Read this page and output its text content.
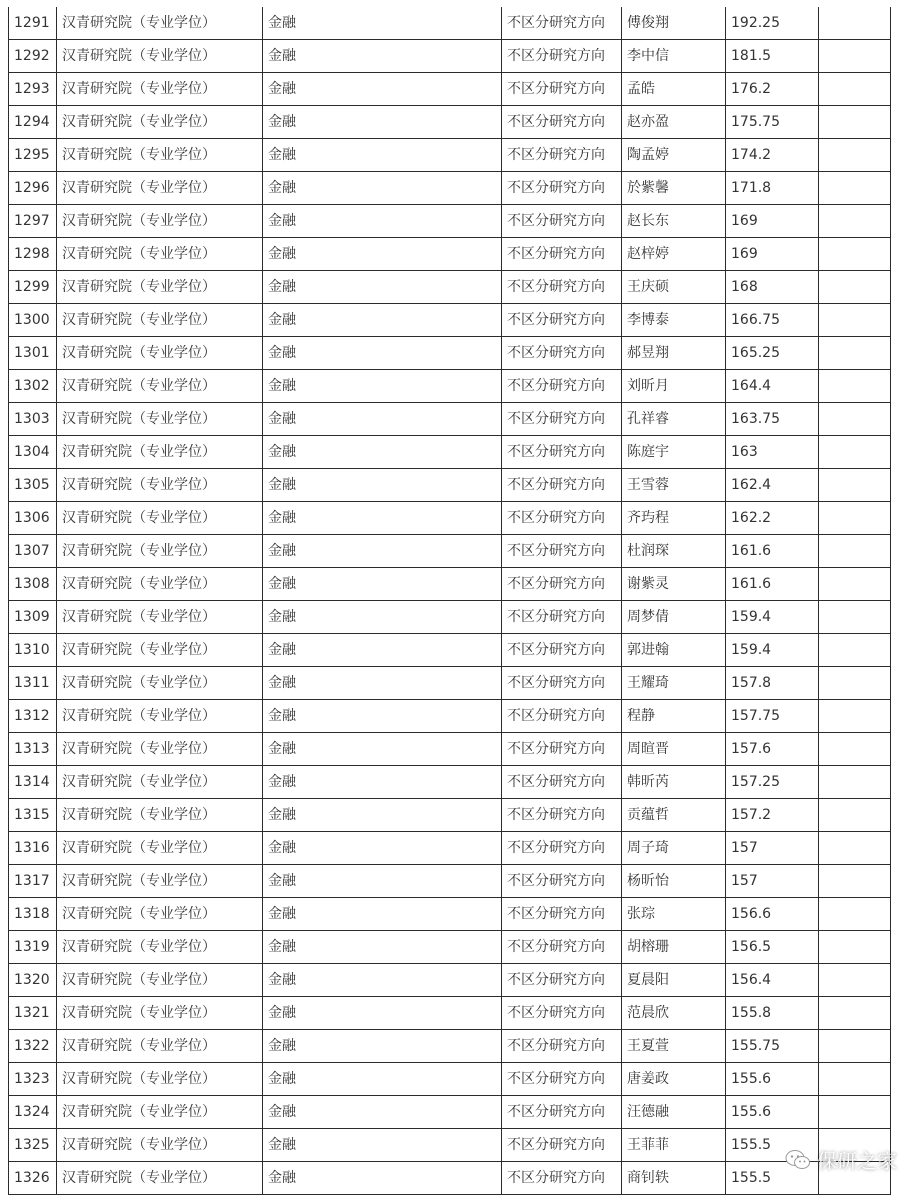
1291	汉青研究院（专业学位）	金融	不区分研究方向	傅俊翔	192.25	
1292	汉青研究院（专业学位）	金融	不区分研究方向	李中信	181.5	
1293	汉青研究院（专业学位）	金融	不区分研究方向	孟皓	176.2	
1294	汉青研究院（专业学位）	金融	不区分研究方向	赵亦盈	175.75	
1295	汉青研究院（专业学位）	金融	不区分研究方向	陶孟婷	174.2	
1296	汉青研究院（专业学位）	金融	不区分研究方向	於紫馨	171.8	
1297	汉青研究院（专业学位）	金融	不区分研究方向	赵长东	169	
1298	汉青研究院（专业学位）	金融	不区分研究方向	赵梓婷	169	
1299	汉青研究院（专业学位）	金融	不区分研究方向	王庆硕	168	
1300	汉青研究院（专业学位）	金融	不区分研究方向	李博泰	166.75	
1301	汉青研究院（专业学位）	金融	不区分研究方向	郝昱翔	165.25	
1302	汉青研究院（专业学位）	金融	不区分研究方向	刘昕月	164.4	
1303	汉青研究院（专业学位）	金融	不区分研究方向	孔祥睿	163.75	
1304	汉青研究院（专业学位）	金融	不区分研究方向	陈庭宇	163	
1305	汉青研究院（专业学位）	金融	不区分研究方向	王雪蓉	162.4	
1306	汉青研究院（专业学位）	金融	不区分研究方向	齐玙程	162.2	
1307	汉青研究院（专业学位）	金融	不区分研究方向	杜润琛	161.6	
1308	汉青研究院（专业学位）	金融	不区分研究方向	谢紫灵	161.6	
1309	汉青研究院（专业学位）	金融	不区分研究方向	周梦倩	159.4	
1310	汉青研究院（专业学位）	金融	不区分研究方向	郭进翰	159.4	
1311	汉青研究院（专业学位）	金融	不区分研究方向	王耀琦	157.8	
1312	汉青研究院（专业学位）	金融	不区分研究方向	程静	157.75	
1313	汉青研究院（专业学位）	金融	不区分研究方向	周暄晋	157.6	
1314	汉青研究院（专业学位）	金融	不区分研究方向	韩昕芮	157.25	
1315	汉青研究院（专业学位）	金融	不区分研究方向	贡蕴哲	157.2	
1316	汉青研究院（专业学位）	金融	不区分研究方向	周子琦	157	
1317	汉青研究院（专业学位）	金融	不区分研究方向	杨昕怡	157	
1318	汉青研究院（专业学位）	金融	不区分研究方向	张琮	156.6	
1319	汉青研究院（专业学位）	金融	不区分研究方向	胡榕珊	156.5	
1320	汉青研究院（专业学位）	金融	不区分研究方向	夏晨阳	156.4	
1321	汉青研究院（专业学位）	金融	不区分研究方向	范晨欣	155.8	
1322	汉青研究院（专业学位）	金融	不区分研究方向	王夏萱	155.75	
1323	汉青研究院（专业学位）	金融	不区分研究方向	唐姜政	155.6	
1324	汉青研究院（专业学位）	金融	不区分研究方向	汪德融	155.6	
1325	汉青研究院（专业学位）	金融	不区分研究方向	王菲菲	155.5	
1326	汉青研究院（专业学位）	金融	不区分研究方向	商钊轶	155.5	
保研之家
